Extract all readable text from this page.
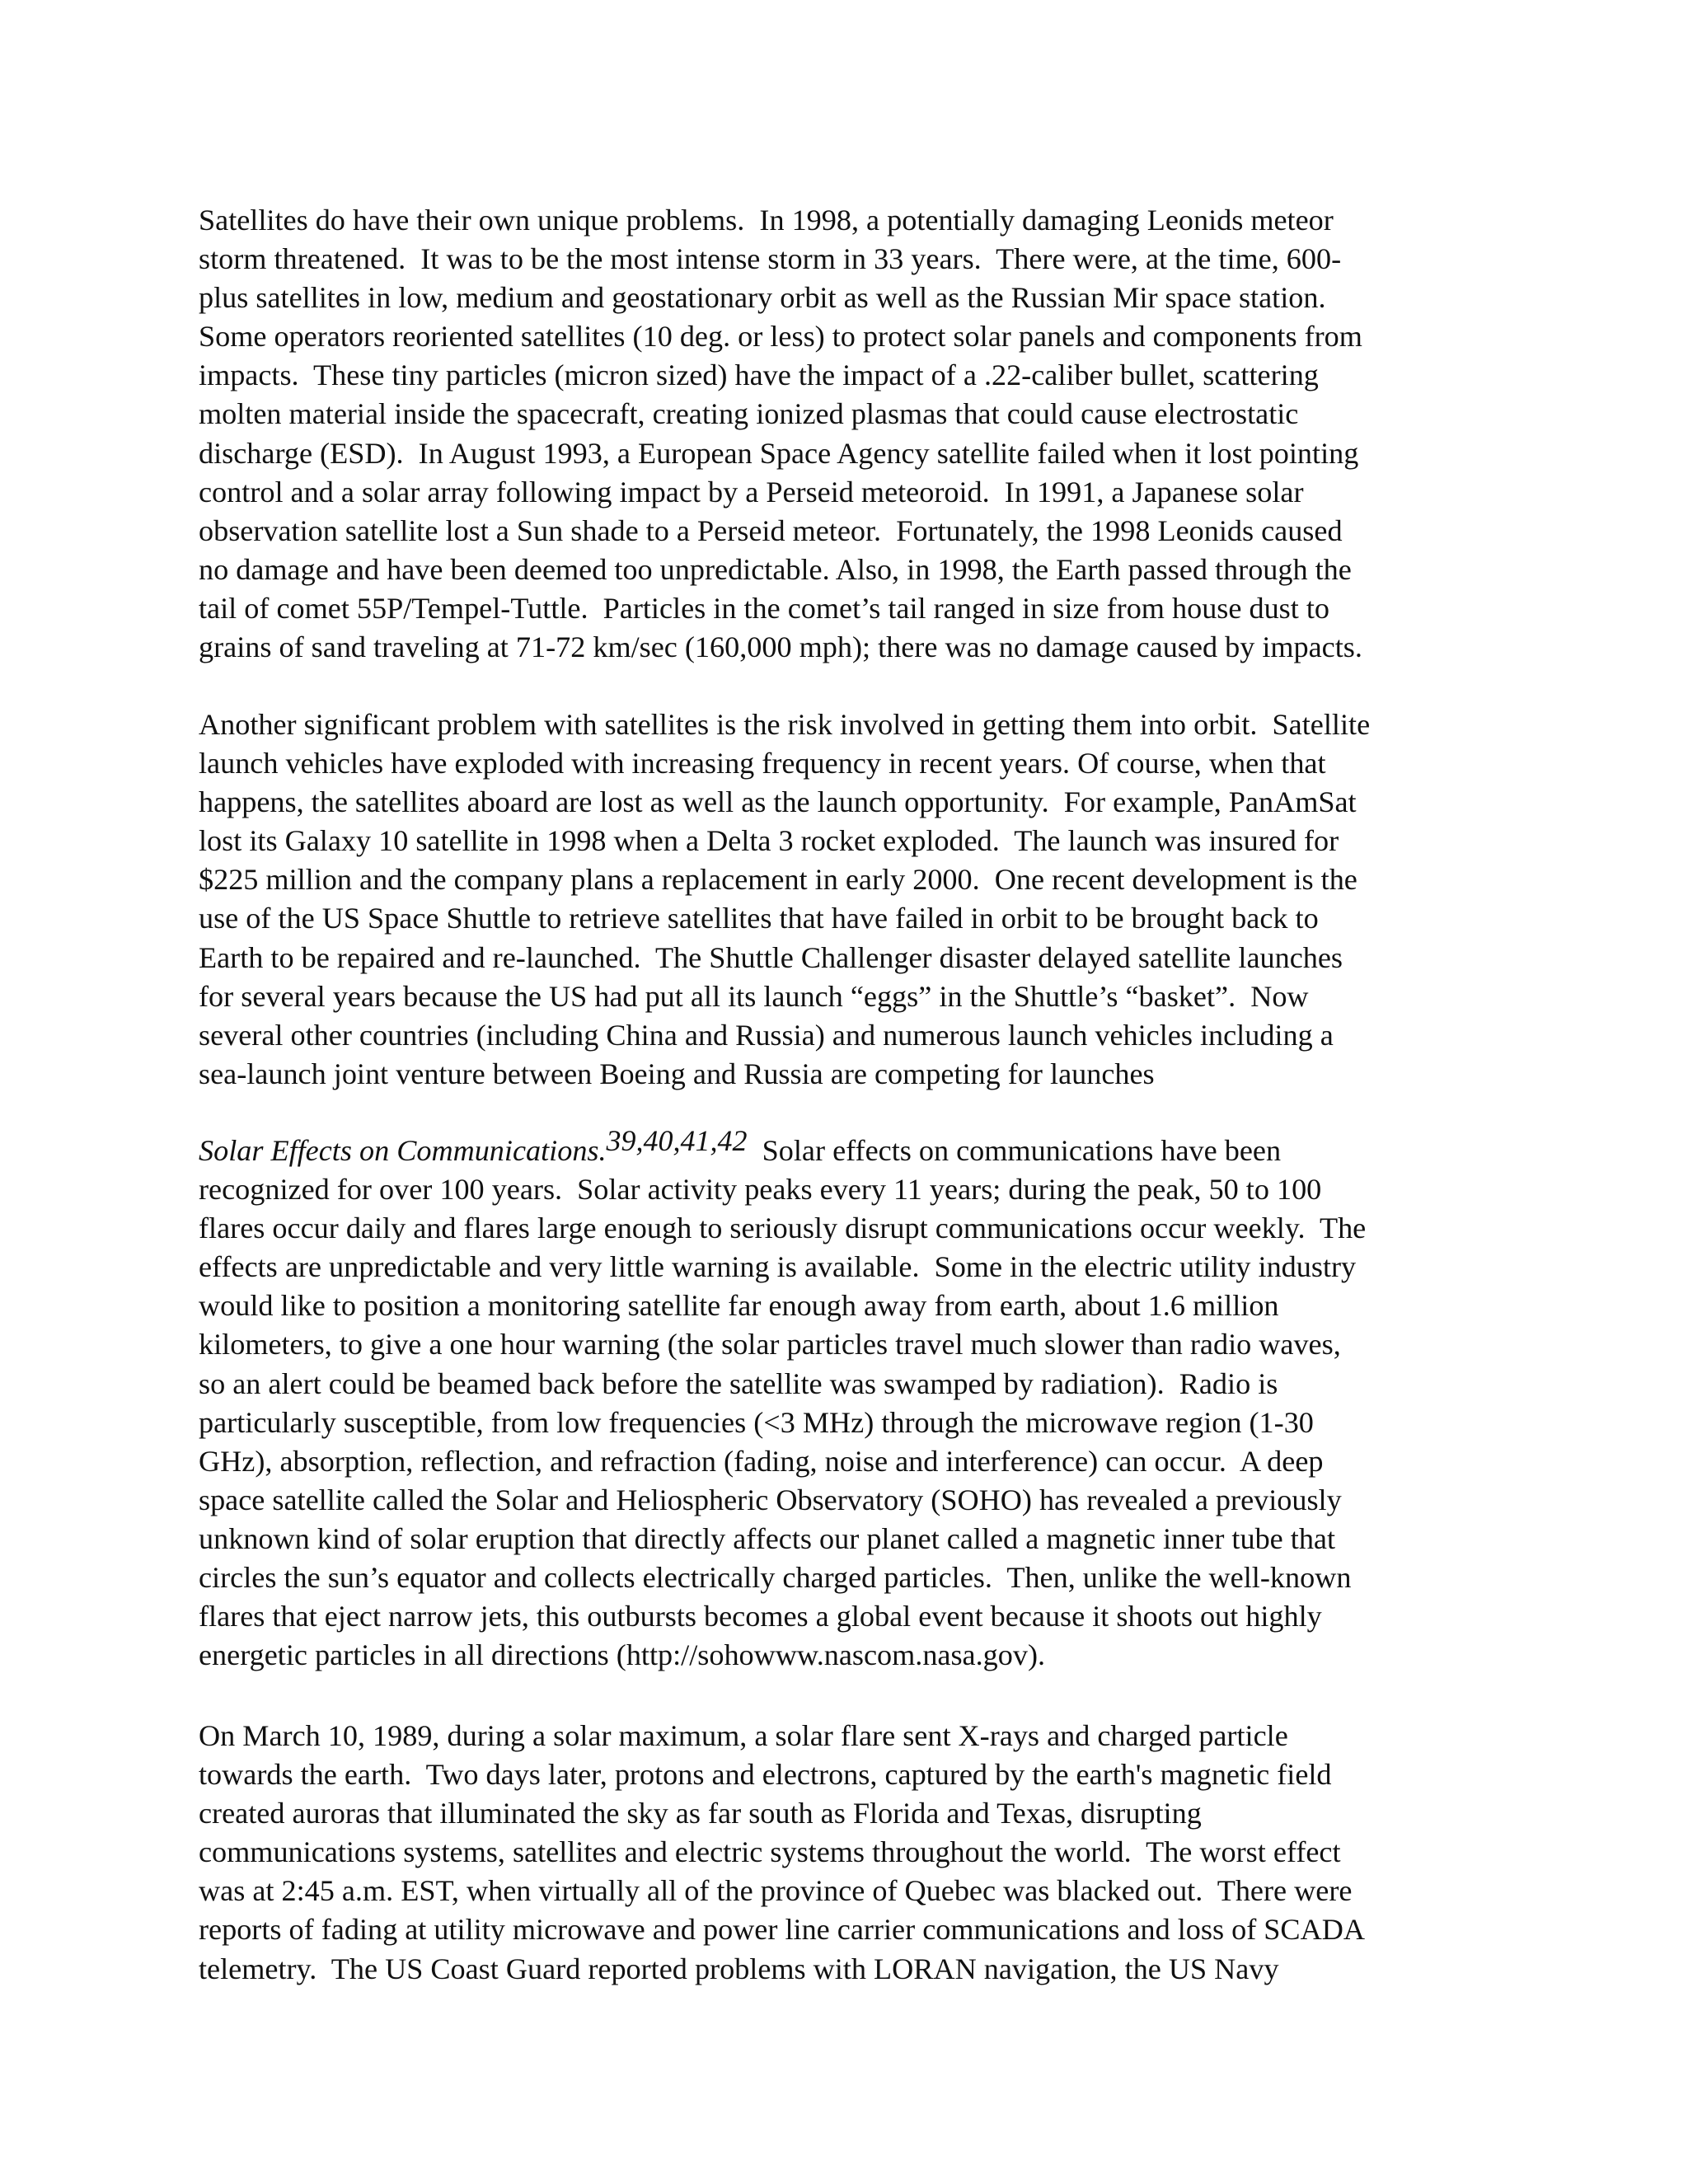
Satellites do have their own unique problems.  In 1998, a potentially damaging Leonids meteor
storm threatened.  It was to be the most intense storm in 33 years.  There were, at the time, 600-
plus satellites in low, medium and geostationary orbit as well as the Russian Mir space station.
Some operators reoriented satellites (10 deg. or less) to protect solar panels and components from
impacts.  These tiny particles (micron sized) have the impact of a .22-caliber bullet, scattering
molten material inside the spacecraft, creating ionized plasmas that could cause electrostatic
discharge (ESD).  In August 1993, a European Space Agency satellite failed when it lost pointing
control and a solar array following impact by a Perseid meteoroid.  In 1991, a Japanese solar
observation satellite lost a Sun shade to a Perseid meteor.  Fortunately, the 1998 Leonids caused
no damage and have been deemed too unpredictable. Also, in 1998, the Earth passed through the
tail of comet 55P/Tempel-Tuttle.  Particles in the comet’s tail ranged in size from house dust to
grains of sand traveling at 71-72 km/sec (160,000 mph); there was no damage caused by impacts.
Another significant problem with satellites is the risk involved in getting them into orbit.  Satellite
launch vehicles have exploded with increasing frequency in recent years. Of course, when that
happens, the satellites aboard are lost as well as the launch opportunity.  For example, PanAmSat
lost its Galaxy 10 satellite in 1998 when a Delta 3 rocket exploded.  The launch was insured for
$225 million and the company plans a replacement in early 2000.  One recent development is the
use of the US Space Shuttle to retrieve satellites that have failed in orbit to be brought back to
Earth to be repaired and re-launched.  The Shuttle Challenger disaster delayed satellite launches
for several years because the US had put all its launch “eggs” in the Shuttle’s “basket”.  Now
several other countries (including China and Russia) and numerous launch vehicles including a
sea-launch joint venture between Boeing and Russia are competing for launches
Solar Effects on Communications.39,40,41,42  Solar effects on communications have been
recognized for over 100 years.  Solar activity peaks every 11 years; during the peak, 50 to 100
flares occur daily and flares large enough to seriously disrupt communications occur weekly.  The
effects are unpredictable and very little warning is available.  Some in the electric utility industry
would like to position a monitoring satellite far enough away from earth, about 1.6 million
kilometers, to give a one hour warning (the solar particles travel much slower than radio waves,
so an alert could be beamed back before the satellite was swamped by radiation).  Radio is
particularly susceptible, from low frequencies (<3 MHz) through the microwave region (1-30
GHz), absorption, reflection, and refraction (fading, noise and interference) can occur.  A deep
space satellite called the Solar and Heliospheric Observatory (SOHO) has revealed a previously
unknown kind of solar eruption that directly affects our planet called a magnetic inner tube that
circles the sun’s equator and collects electrically charged particles.  Then, unlike the well-known
flares that eject narrow jets, this outbursts becomes a global event because it shoots out highly
energetic particles in all directions (http://sohowww.nascom.nasa.gov).
On March 10, 1989, during a solar maximum, a solar flare sent X-rays and charged particle
towards the earth.  Two days later, protons and electrons, captured by the earth's magnetic field
created auroras that illuminated the sky as far south as Florida and Texas, disrupting
communications systems, satellites and electric systems throughout the world.  The worst effect
was at 2:45 a.m. EST, when virtually all of the province of Quebec was blacked out.  There were
reports of fading at utility microwave and power line carrier communications and loss of SCADA
telemetry.  The US Coast Guard reported problems with LORAN navigation, the US Navy
